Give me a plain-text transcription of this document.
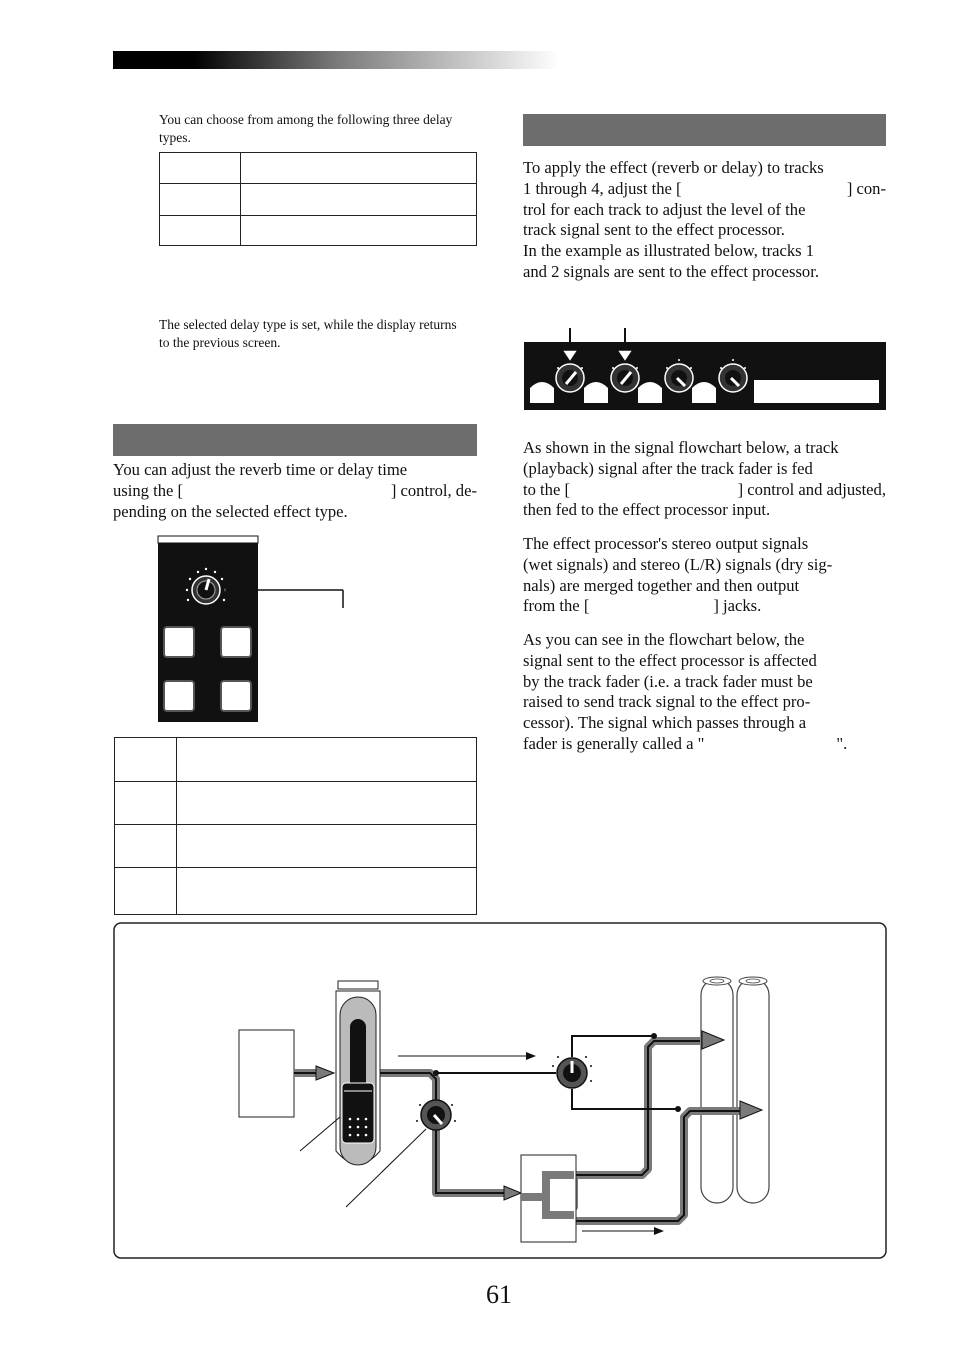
You can choose from among the following three delay types.

The selected delay type is set, while the display returns to the previous screen.
You can adjust the reverb time or delay time
using the [	] control, de-
pending on the selected effect type.

To apply the effect (reverb or delay) to tracks
1 through 4, adjust the [	] con-
trol for each track to adjust the level of the
track signal sent to the effect processor.
In the example as illustrated below, tracks 1
and 2 signals are sent to the effect processor.
As shown in the signal flowchart below, a track
(playback) signal after the track fader is fed
to the [	] control and adjusted,
then fed to the effect processor input.
The effect processor's stereo output signals
(wet signals) and stereo (L/R) signals (dry sig-
nals) are merged together and then output
from the [	] jacks.
As you can see in the flowchart below, the
signal sent to the effect processor is affected
by the track fader (i.e. a track fader must be
raised to send track signal to the effect pro-
cessor). The signal which passes through a
fader is generally called a "	".
61
